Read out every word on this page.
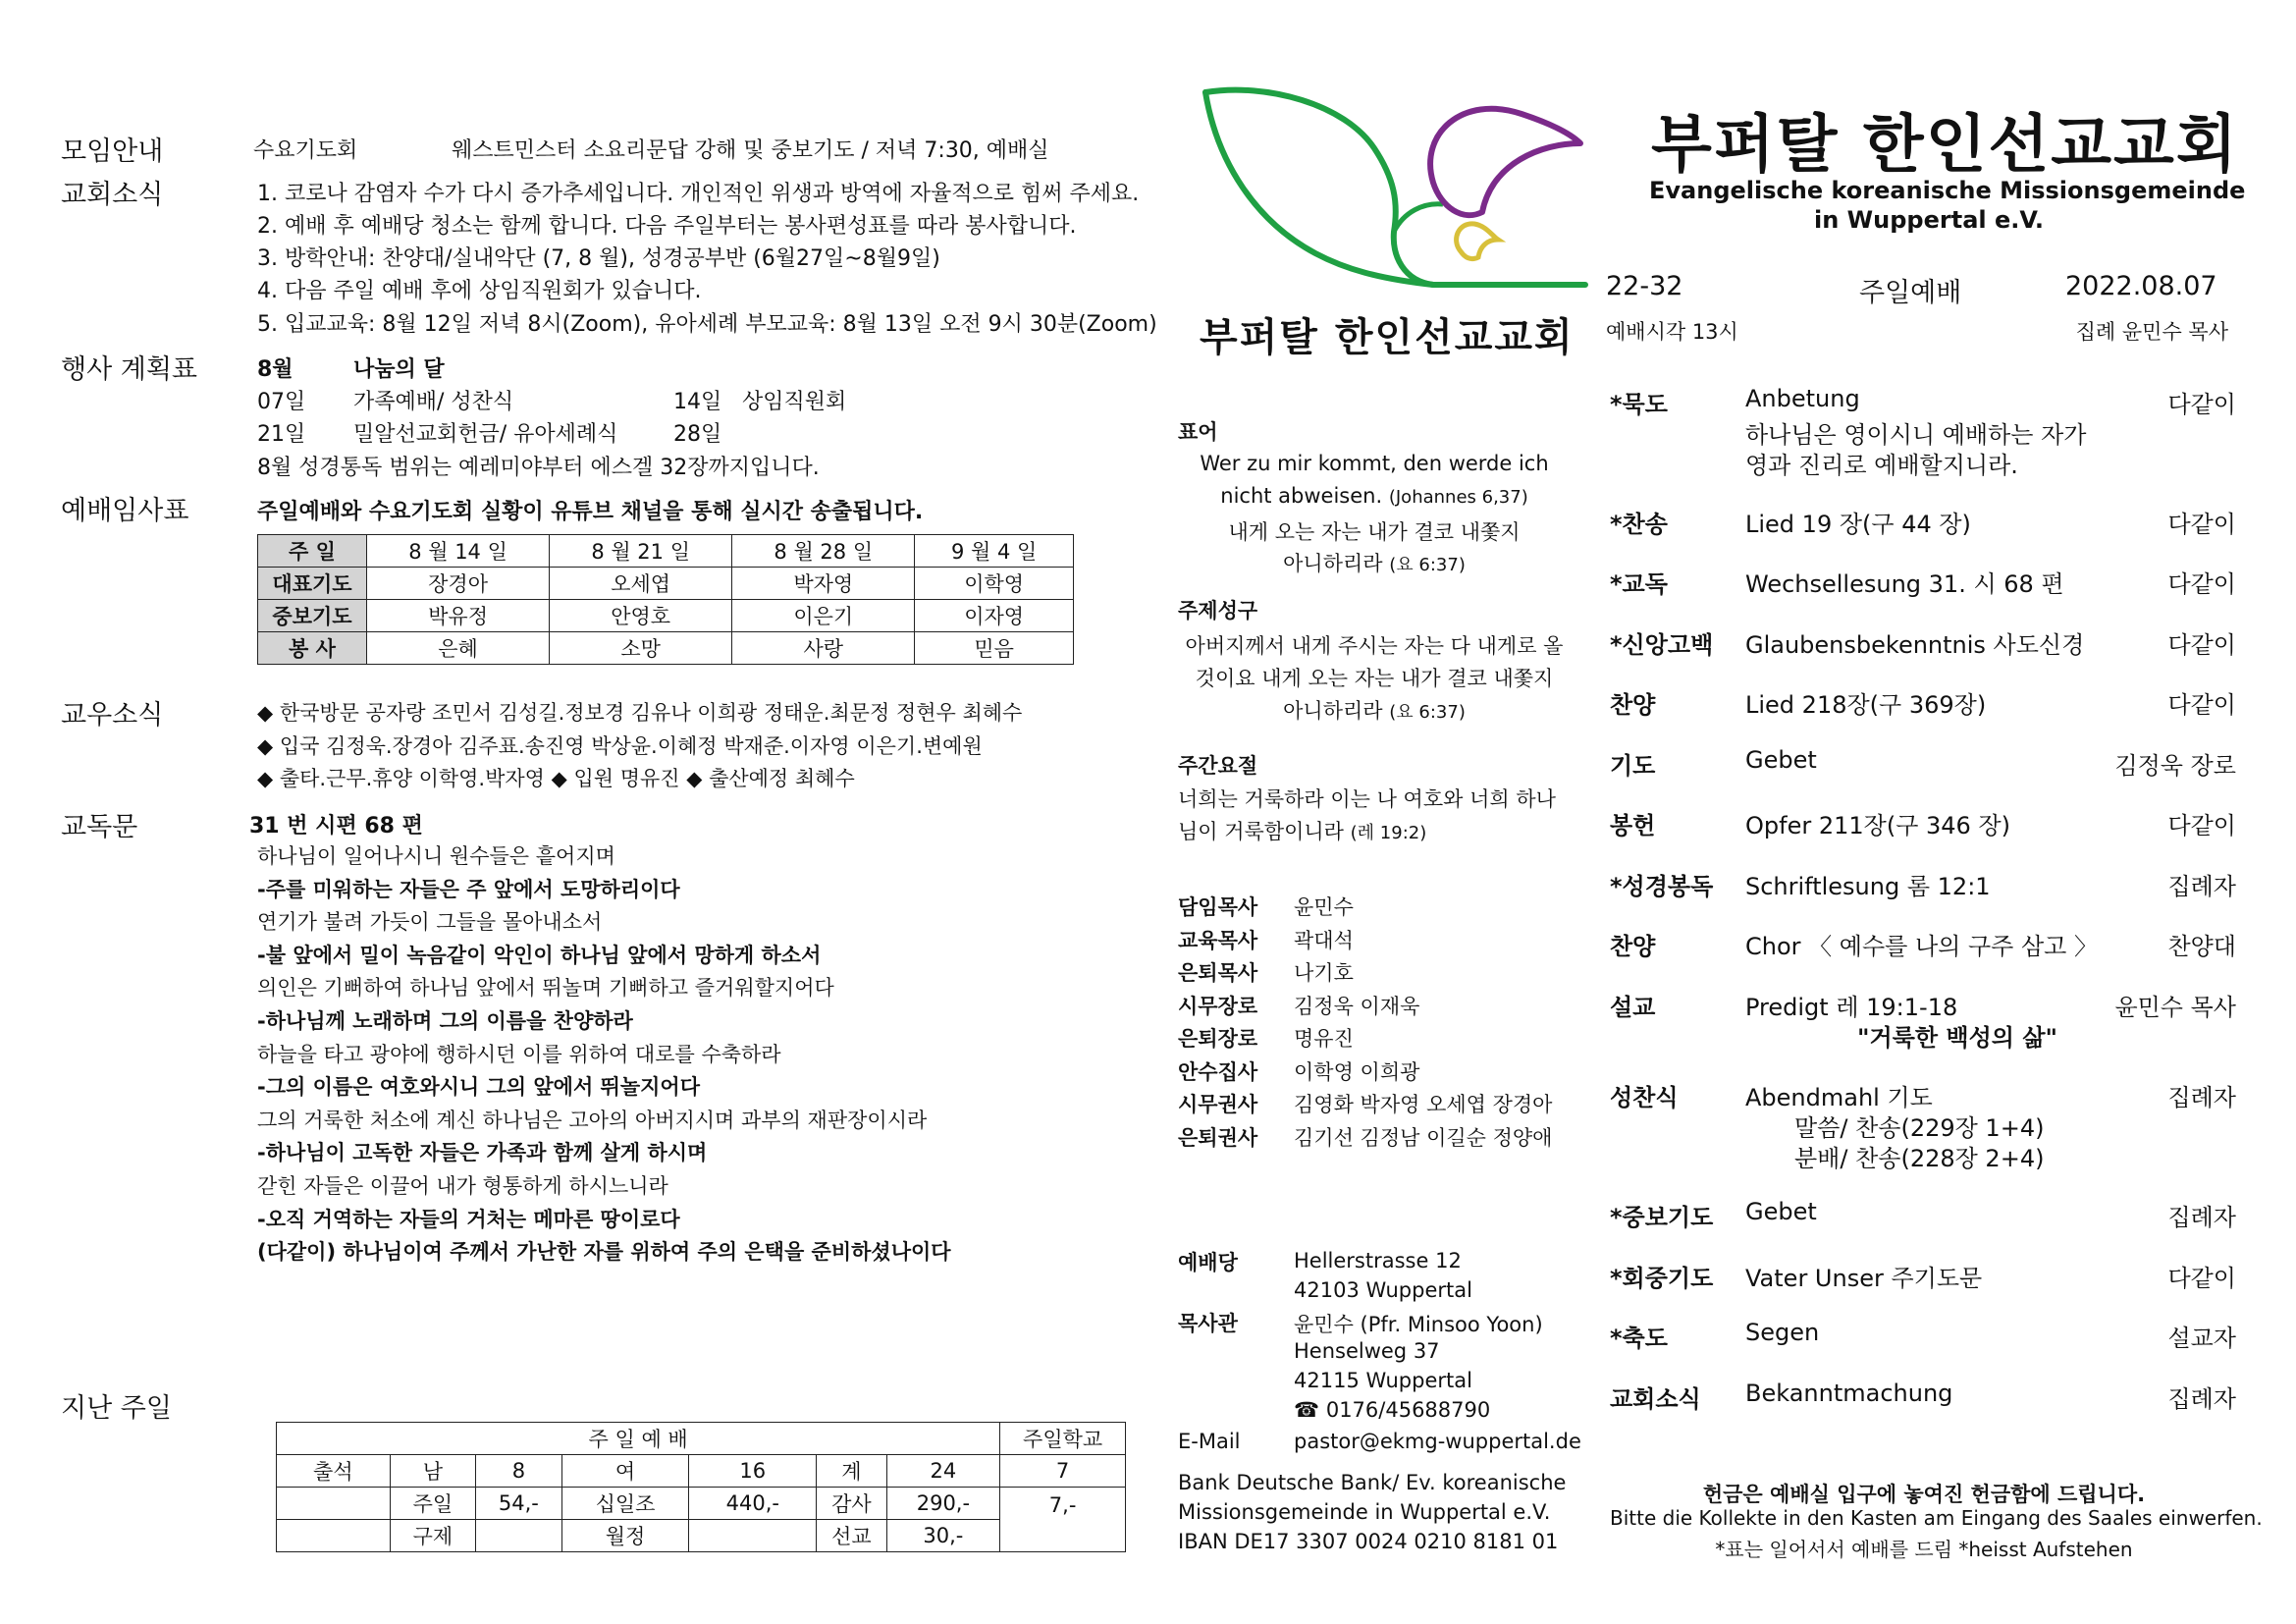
모임안내	수요기도회	웨스트민스터 소요리문답 강해 및 중보기도 / 저녁 7:30, 예배실
교회소식	1. 코로나 감염자 수가 다시 증가추세입니다. 개인적인 위생과 방역에 자율적으로 힘써 주세요.
2. 예배 후 예배당 청소는 함께 합니다. 다음 주일부터는 봉사편성표를 따라 봉사합니다.
3. 방학안내: 찬양대/실내악단 (7, 8 월), 성경공부반 (6월27일~8월9일)
4. 다음 주일 예배 후에 상임직원회가 있습니다.
5. 입교교육: 8월 12일 저녁 8시(Zoom), 유아세례 부모교육: 8월 13일 오전 9시 30분(Zoom)
행사 계획표	8월	나눔의 달
07일 가족예배/ 성찬식	14일 상임직원회
21일 밀알선교회헌금/ 유아세례식	28일
8월 성경통독 범위는 예레미야부터 에스겔 32장까지입니다.
예배임사표	주일예배와 수요기도회 실황이 유튜브 채널을 통해 실시간 송출됩니다.
주 일	8 월 14 일	8 월 21 일	8 월 28 일	9 월 4 일
대표기도	장경아	오세엽	박자영	이학영
중보기도	박유정	안영호	이은기	이자영
봉 사	은혜	소망	사랑	믿음
교우소식	◆ 한국방문 공자랑 조민서 김성길.정보경 김유나 이희광 정태운.최문정 정현우 최혜수
◆ 입국 김정욱.장경아 김주표.송진영 박상윤.이혜정 박재준.이자영 이은기.변예원
◆ 출타.근무.휴양 이학영.박자영 ◆ 입원 명유진 ◆ 출산예정 최혜수
교독문	31 번 시편 68 편
하나님이 일어나시니 원수들은 흩어지며
-주를 미워하는 자들은 주 앞에서 도망하리이다
연기가 불려 가듯이 그들을 몰아내소서
-불 앞에서 밀이 녹음같이 악인이 하나님 앞에서 망하게 하소서
의인은 기뻐하여 하나님 앞에서 뛰놀며 기뻐하고 즐거워할지어다
-하나님께 노래하며 그의 이름을 찬양하라
하늘을 타고 광야에 행하시던 이를 위하여 대로를 수축하라
-그의 이름은 여호와시니 그의 앞에서 뛰놀지어다
그의 거룩한 처소에 계신 하나님은 고아의 아버지시며 과부의 재판장이시라
-하나님이 고독한 자들은 가족과 함께 살게 하시며
갇힌 자들은 이끌어 내가 형통하게 하시느니라
-오직 거역하는 자들의 거처는 메마른 땅이로다
(다같이) 하나님이여 주께서 가난한 자를 위하여 주의 은택을 준비하셨나이다
지난 주일
주 일 예 배							주일학교
출석	남	8	여	16	계	24	7
	주일	54,-	십일조	440,-	감사	290,-	7,-
	구제		월정		선교	30,-	
부퍼탈 한인선교교회
표어
Wer zu mir kommt, den werde ich
nicht abweisen. (Johannes 6,37)
내게 오는 자는 내가 결코 내쫓지
아니하리라 (요 6:37)
주제성구
아버지께서 내게 주시는 자는 다 내게로 올
것이요 내게 오는 자는 내가 결코 내쫓지
아니하리라 (요 6:37)
주간요절
너희는 거룩하라 이는 나 여호와 너희 하나
님이 거룩함이니라 (레 19:2)
담임목사 윤민수
교육목사 곽대석
은퇴목사 나기호
시무장로 김정욱 이재욱
은퇴장로 명유진
안수집사 이학영 이희광
시무권사 김영화 박자영 오세엽 장경아
은퇴권사 김기선 김정남 이길순 정양애
예배당	Hellerstrasse 12
42103 Wuppertal
목사관	윤민수 (Pfr. Minsoo Yoon)
Henselweg 37
42115 Wuppertal
☎ 0176/45688790
E-Mail	pastor@ekmg-wuppertal.de
Bank Deutsche Bank/ Ev. koreanische
Missionsgemeinde in Wuppertal e.V.
IBAN DE17 3307 0024 0210 8181 01
부퍼탈 한인선교교회
Evangelische koreanische Missionsgemeinde
in Wuppertal e.V.
22-32	주일예배	2022.08.07
예배시각 13시	집례 윤민수 목사
*묵도	Anbetung	다같이
하나님은 영이시니 예배하는 자가
영과 진리로 예배할지니라.
*찬송	Lied 19 장(구 44 장)	다같이
*교독	Wechsellesung 31. 시 68 편	다같이
*신앙고백 Glaubensbekenntnis 사도신경	다같이
찬양	Lied 218장(구 369장)	다같이
기도	Gebet	김정욱 장로
봉헌	Opfer 211장(구 346 장)	다같이
*성경봉독 Schriftlesung 롬 12:1	집례자
찬양	Chor 〈 예수를 나의 구주 삼고 〉	찬양대
설교	Predigt 레 19:1-18	윤민수 목사
"거룩한 백성의 삶"
성찬식	Abendmahl 기도	집례자
말씀/ 찬송(229장 1+4)
분배/ 찬송(228장 2+4)
*중보기도 Gebet	집례자
*회중기도 Vater Unser 주기도문	다같이
*축도	Segen	설교자
교회소식 Bekanntmachung	집례자
헌금은 예배실 입구에 놓여진 헌금함에 드립니다.
Bitte die Kollekte in den Kasten am Eingang des Saales einwerfen.
*표는 일어서서 예배를 드림 *heisst Aufstehen
